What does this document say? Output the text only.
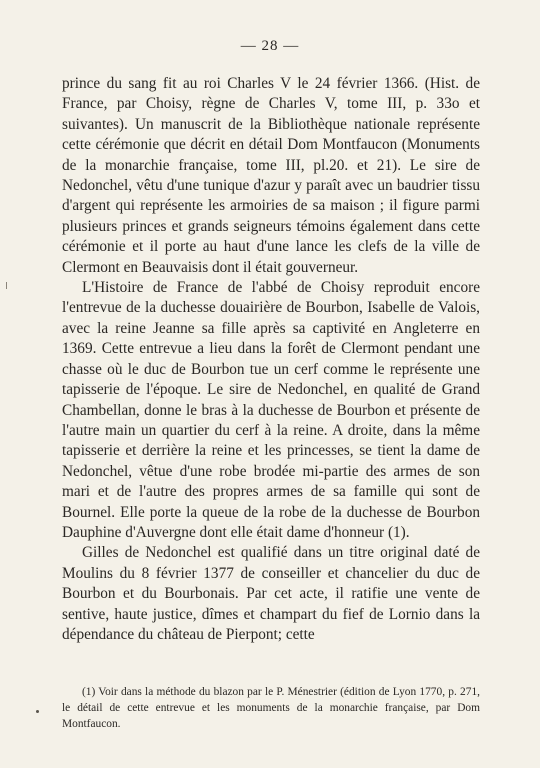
— 28 —

prince du sang fit au roi Charles V le 24 février 1366. (Hist. de France, par Choisy, règne de Charles V, tome III, p. 33o et suivantes). Un manuscrit de la Bibliothèque nationale représente cette cérémonie que décrit en détail Dom Montfaucon (Monuments de la monarchie française, tome III, pl.20. et 21). Le sire de Nedonchel, vêtu d'une tunique d'azur y paraît avec un baudrier tissu d'argent qui représente les armoiries de sa maison ; il figure parmi plusieurs princes et grands seigneurs témoins également dans cette cérémonie et il porte au haut d'une lance les clefs de la ville de Clermont en Beauvaisis dont il était gouverneur.

L'Histoire de France de l'abbé de Choisy reproduit encore l'entrevue de la duchesse douairière de Bourbon, Isabelle de Valois, avec la reine Jeanne sa fille après sa captivité en Angleterre en 1369. Cette entrevue a lieu dans la forêt de Clermont pendant une chasse où le duc de Bourbon tue un cerf comme le représente une tapisserie de l'époque. Le sire de Nedonchel, en qualité de Grand Chambellan, donne le bras à la duchesse de Bourbon et présente de l'autre main un quartier du cerf à la reine. A droite, dans la même tapisserie et derrière la reine et les princesses, se tient la dame de Nedonchel, vêtue d'une robe brodée mi-partie des armes de son mari et de l'autre des propres armes de sa famille qui sont de Bournel. Elle porte la queue de la robe de la duchesse de Bourbon Dauphine d'Auvergne dont elle était dame d'honneur (1).

Gilles de Nedonchel est qualifié dans un titre original daté de Moulins du 8 février 1377 de conseiller et chancelier du duc de Bourbon et du Bourbonais. Par cet acte, il ratifie une vente de sentive, haute justice, dîmes et champart du fief de Lornio dans la dépendance du château de Pierpont; cette

(1) Voir dans la méthode du blazon par le P. Ménestrier (édition de Lyon 1770, p. 271, le détail de cette entrevue et les monuments de la monarchie française, par Dom Montfaucon.
